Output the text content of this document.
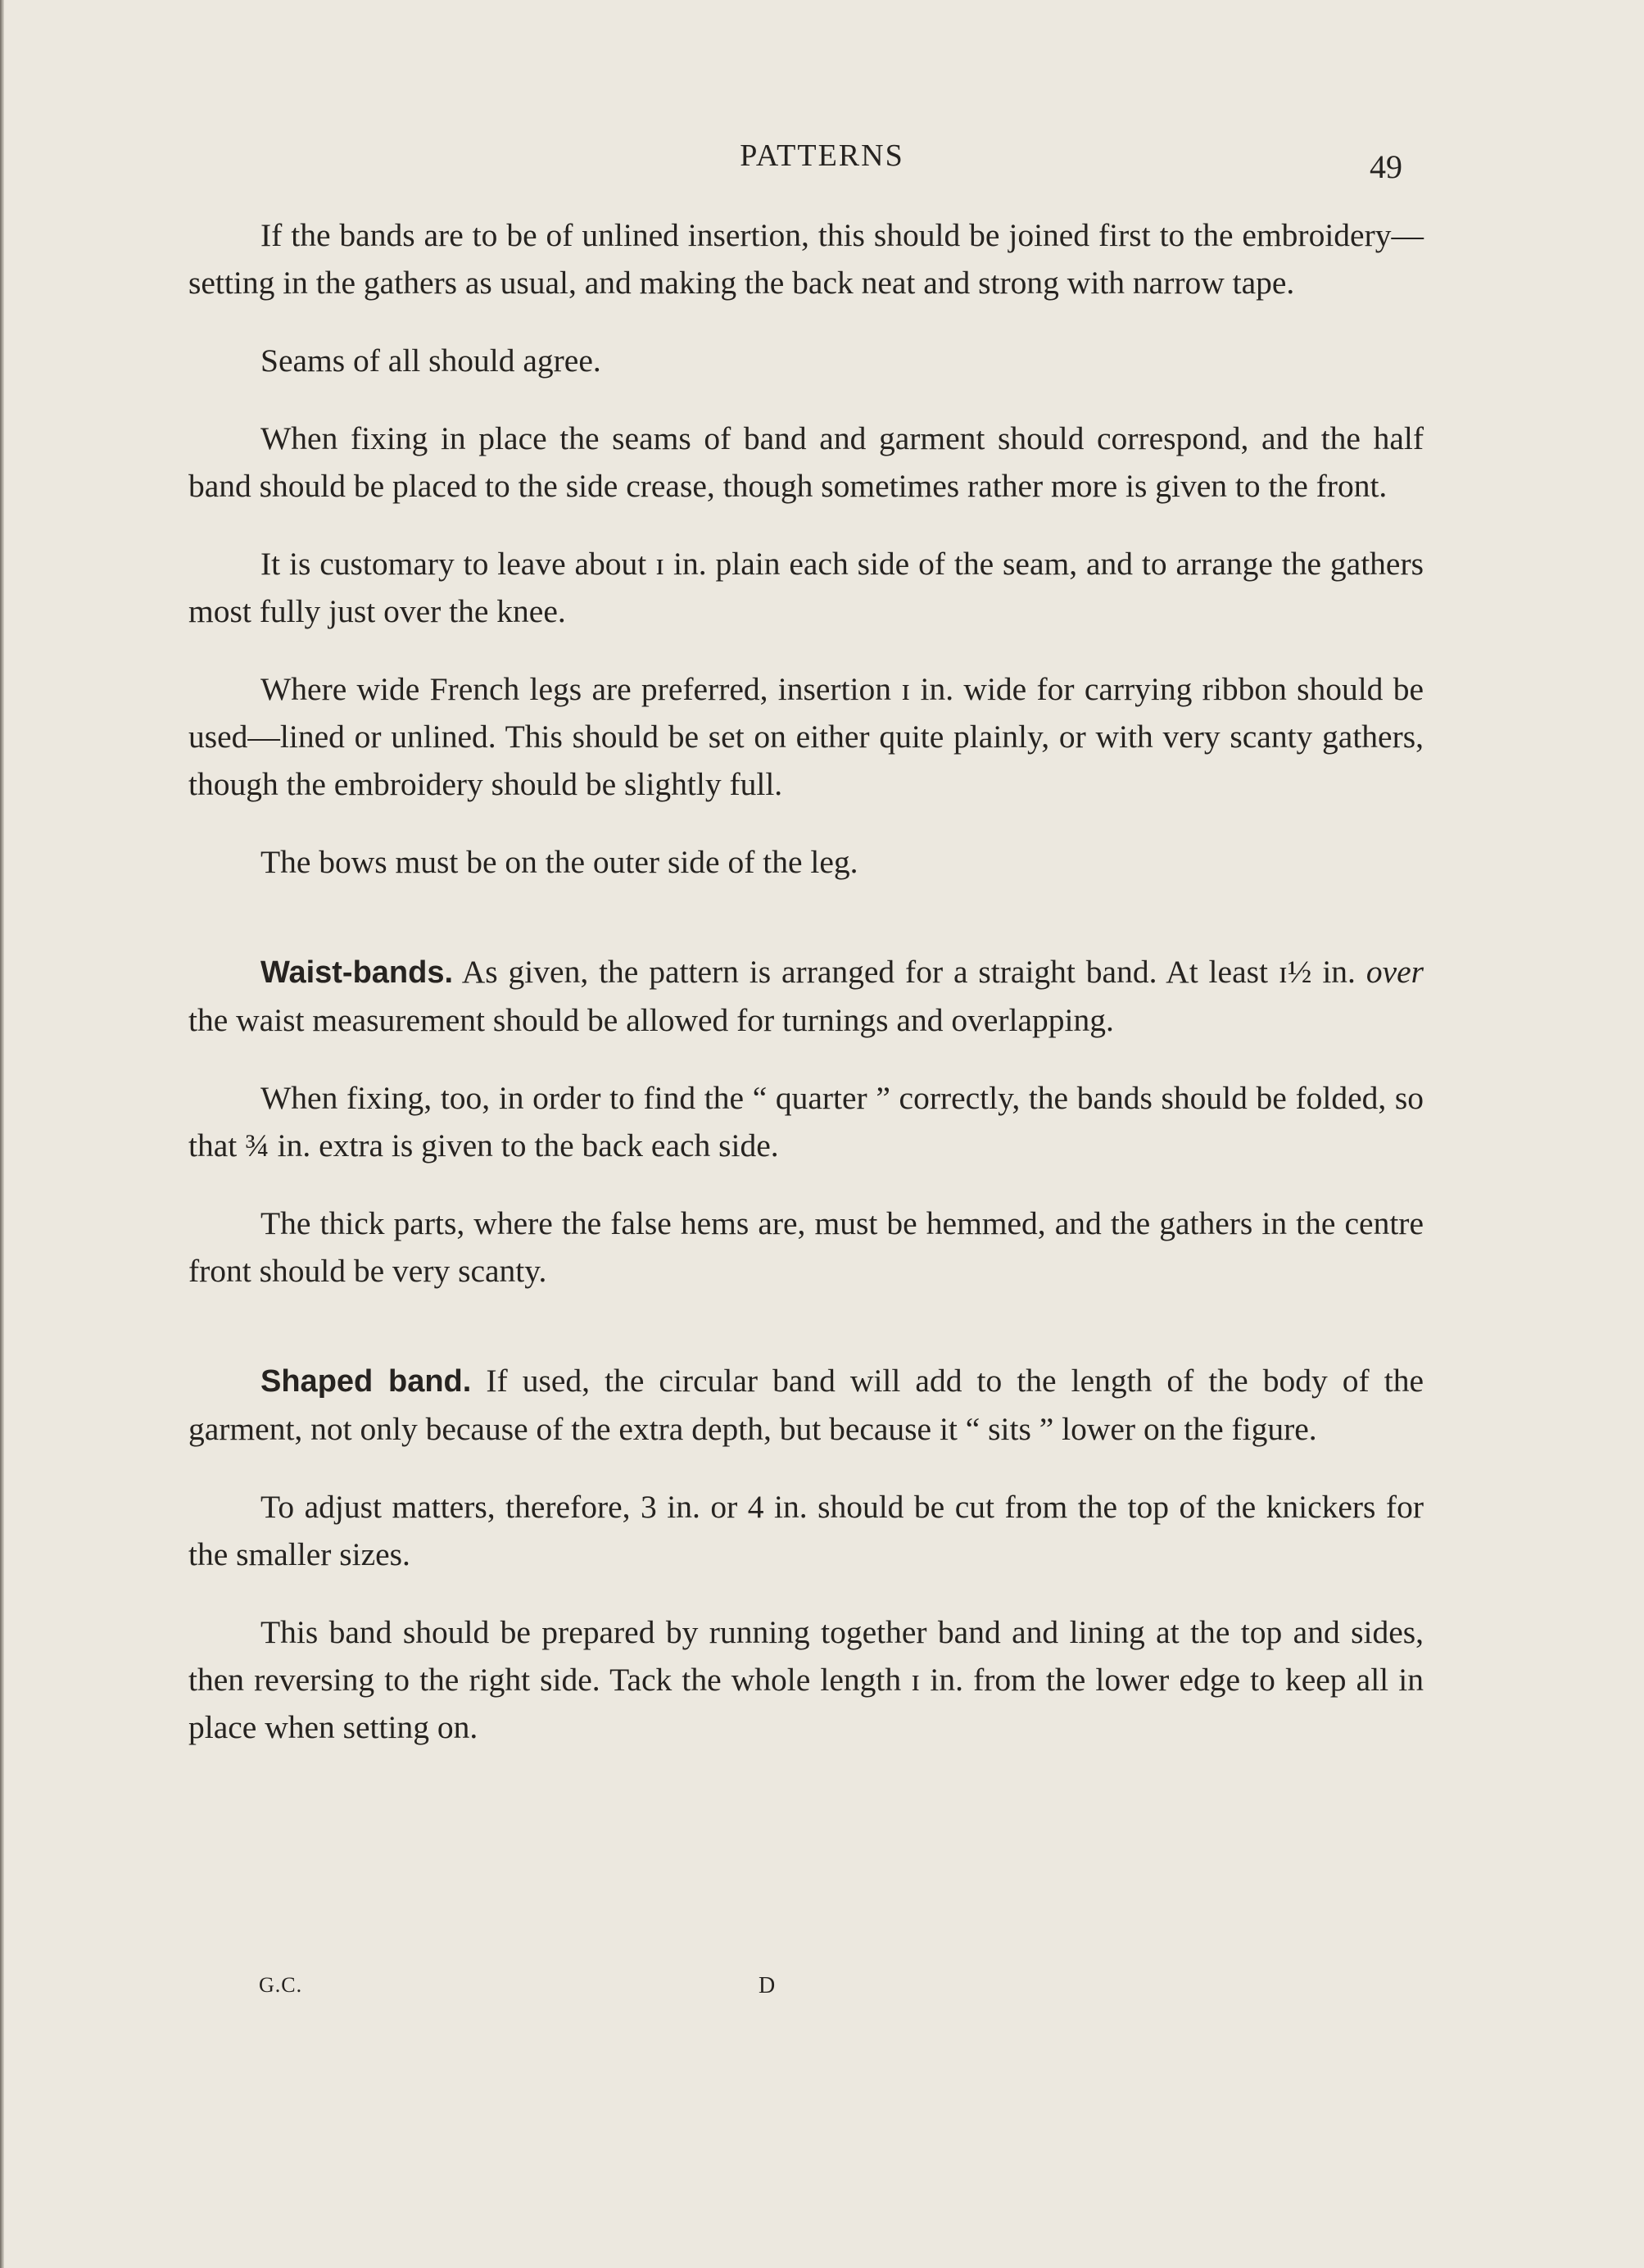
PATTERNS	49

If the bands are to be of unlined insertion, this should be joined first to the embroidery—setting in the gathers as usual, and making the back neat and strong with narrow tape.

Seams of all should agree.

When fixing in place the seams of band and garment should correspond, and the half band should be placed to the side crease, though sometimes rather more is given to the front.

It is customary to leave about ɪ in. plain each side of the seam, and to arrange the gathers most fully just over the knee.

Where wide French legs are preferred, insertion ɪ in. wide for carrying ribbon should be used—lined or unlined. This should be set on either quite plainly, or with very scanty gathers, though the embroidery should be slightly full.

The bows must be on the outer side of the leg.

Waist-bands. As given, the pattern is arranged for a straight band. At least ɪ½ in. over the waist measurement should be allowed for turnings and overlapping.

When fixing, too, in order to find the “ quarter ” correctly, the bands should be folded, so that ¾ in. extra is given to the back each side.

The thick parts, where the false hems are, must be hemmed, and the gathers in the centre front should be very scanty.

Shaped band. If used, the circular band will add to the length of the body of the garment, not only because of the extra depth, but because it “ sits ” lower on the figure.

To adjust matters, therefore, 3 in. or 4 in. should be cut from the top of the knickers for the smaller sizes.

This band should be prepared by running together band and lining at the top and sides, then reversing to the right side. Tack the whole length ɪ in. from the lower edge to keep all in place when setting on.

G.C.	D
